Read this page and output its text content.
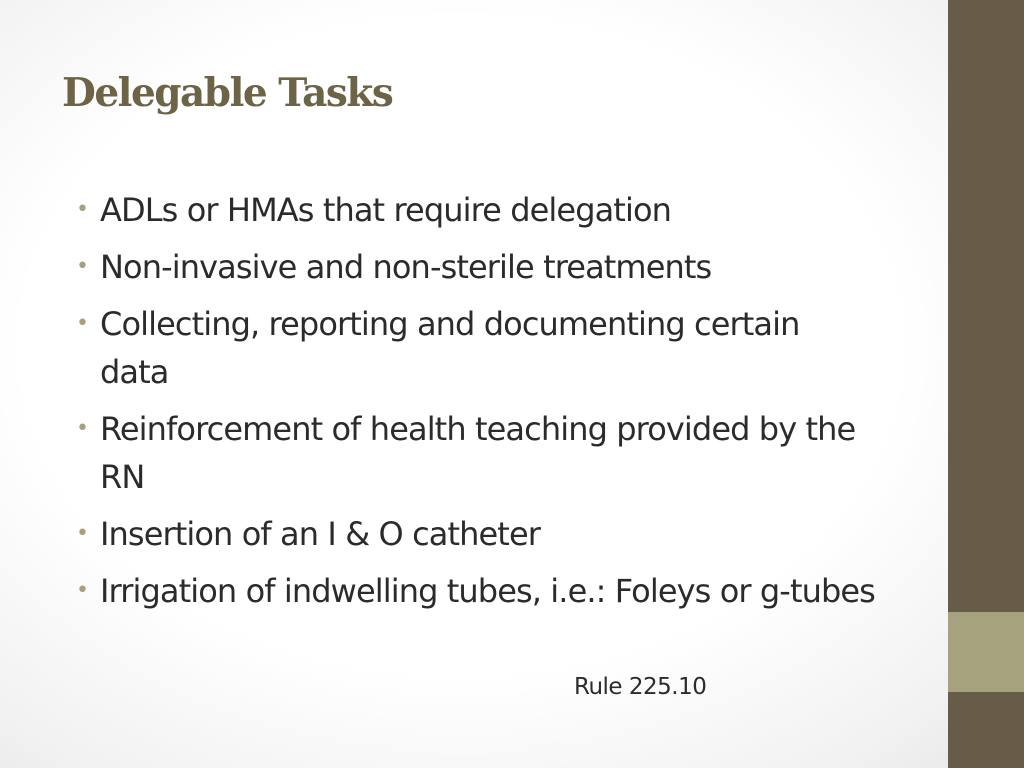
Delegable Tasks
• ADLs or HMAs that require delegation
• Non-invasive and non-sterile treatments
• Collecting, reporting and documenting certain data
• Reinforcement of health teaching provided by the RN
• Insertion of an I & O catheter
• Irrigation of indwelling tubes, i.e.: Foleys or g-tubes
Rule 225.10
